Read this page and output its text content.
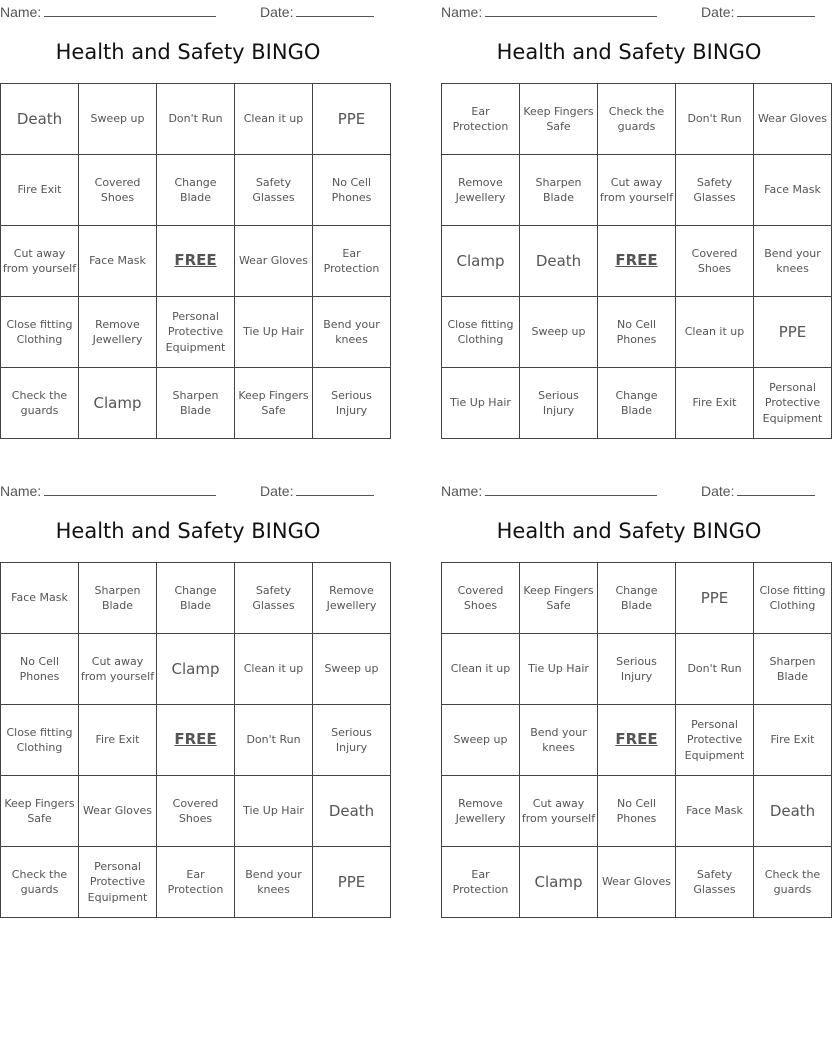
Name:	Date:
Health and Safety BINGO
Death	Sweep up	Don't Run	Clean it up	PPE
Fire Exit	Covered Shoes	Change Blade	Safety Glasses	No Cell Phones
Cut away from yourself	Face Mask	FREE	Wear Gloves	Ear Protection
Close fitting Clothing	Remove Jewellery	Personal Protective Equipment	Tie Up Hair	Bend your knees
Check the guards	Clamp	Sharpen Blade	Keep Fingers Safe	Serious Injury
Name:	Date:
Health and Safety BINGO
Ear Protection	Keep Fingers Safe	Check the guards	Don't Run	Wear Gloves
Remove Jewellery	Sharpen Blade	Cut away from yourself	Safety Glasses	Face Mask
Clamp	Death	FREE	Covered Shoes	Bend your knees
Close fitting Clothing	Sweep up	No Cell Phones	Clean it up	PPE
Tie Up Hair	Serious Injury	Change Blade	Fire Exit	Personal Protective Equipment
Name:	Date:
Health and Safety BINGO
Face Mask	Sharpen Blade	Change Blade	Safety Glasses	Remove Jewellery
No Cell Phones	Cut away from yourself	Clamp	Clean it up	Sweep up
Close fitting Clothing	Fire Exit	FREE	Don't Run	Serious Injury
Keep Fingers Safe	Wear Gloves	Covered Shoes	Tie Up Hair	Death
Check the guards	Personal Protective Equipment	Ear Protection	Bend your knees	PPE
Name:	Date:
Health and Safety BINGO
Covered Shoes	Keep Fingers Safe	Change Blade	PPE	Close fitting Clothing
Clean it up	Tie Up Hair	Serious Injury	Don't Run	Sharpen Blade
Sweep up	Bend your knees	FREE	Personal Protective Equipment	Fire Exit
Remove Jewellery	Cut away from yourself	No Cell Phones	Face Mask	Death
Ear Protection	Clamp	Wear Gloves	Safety Glasses	Check the guards
